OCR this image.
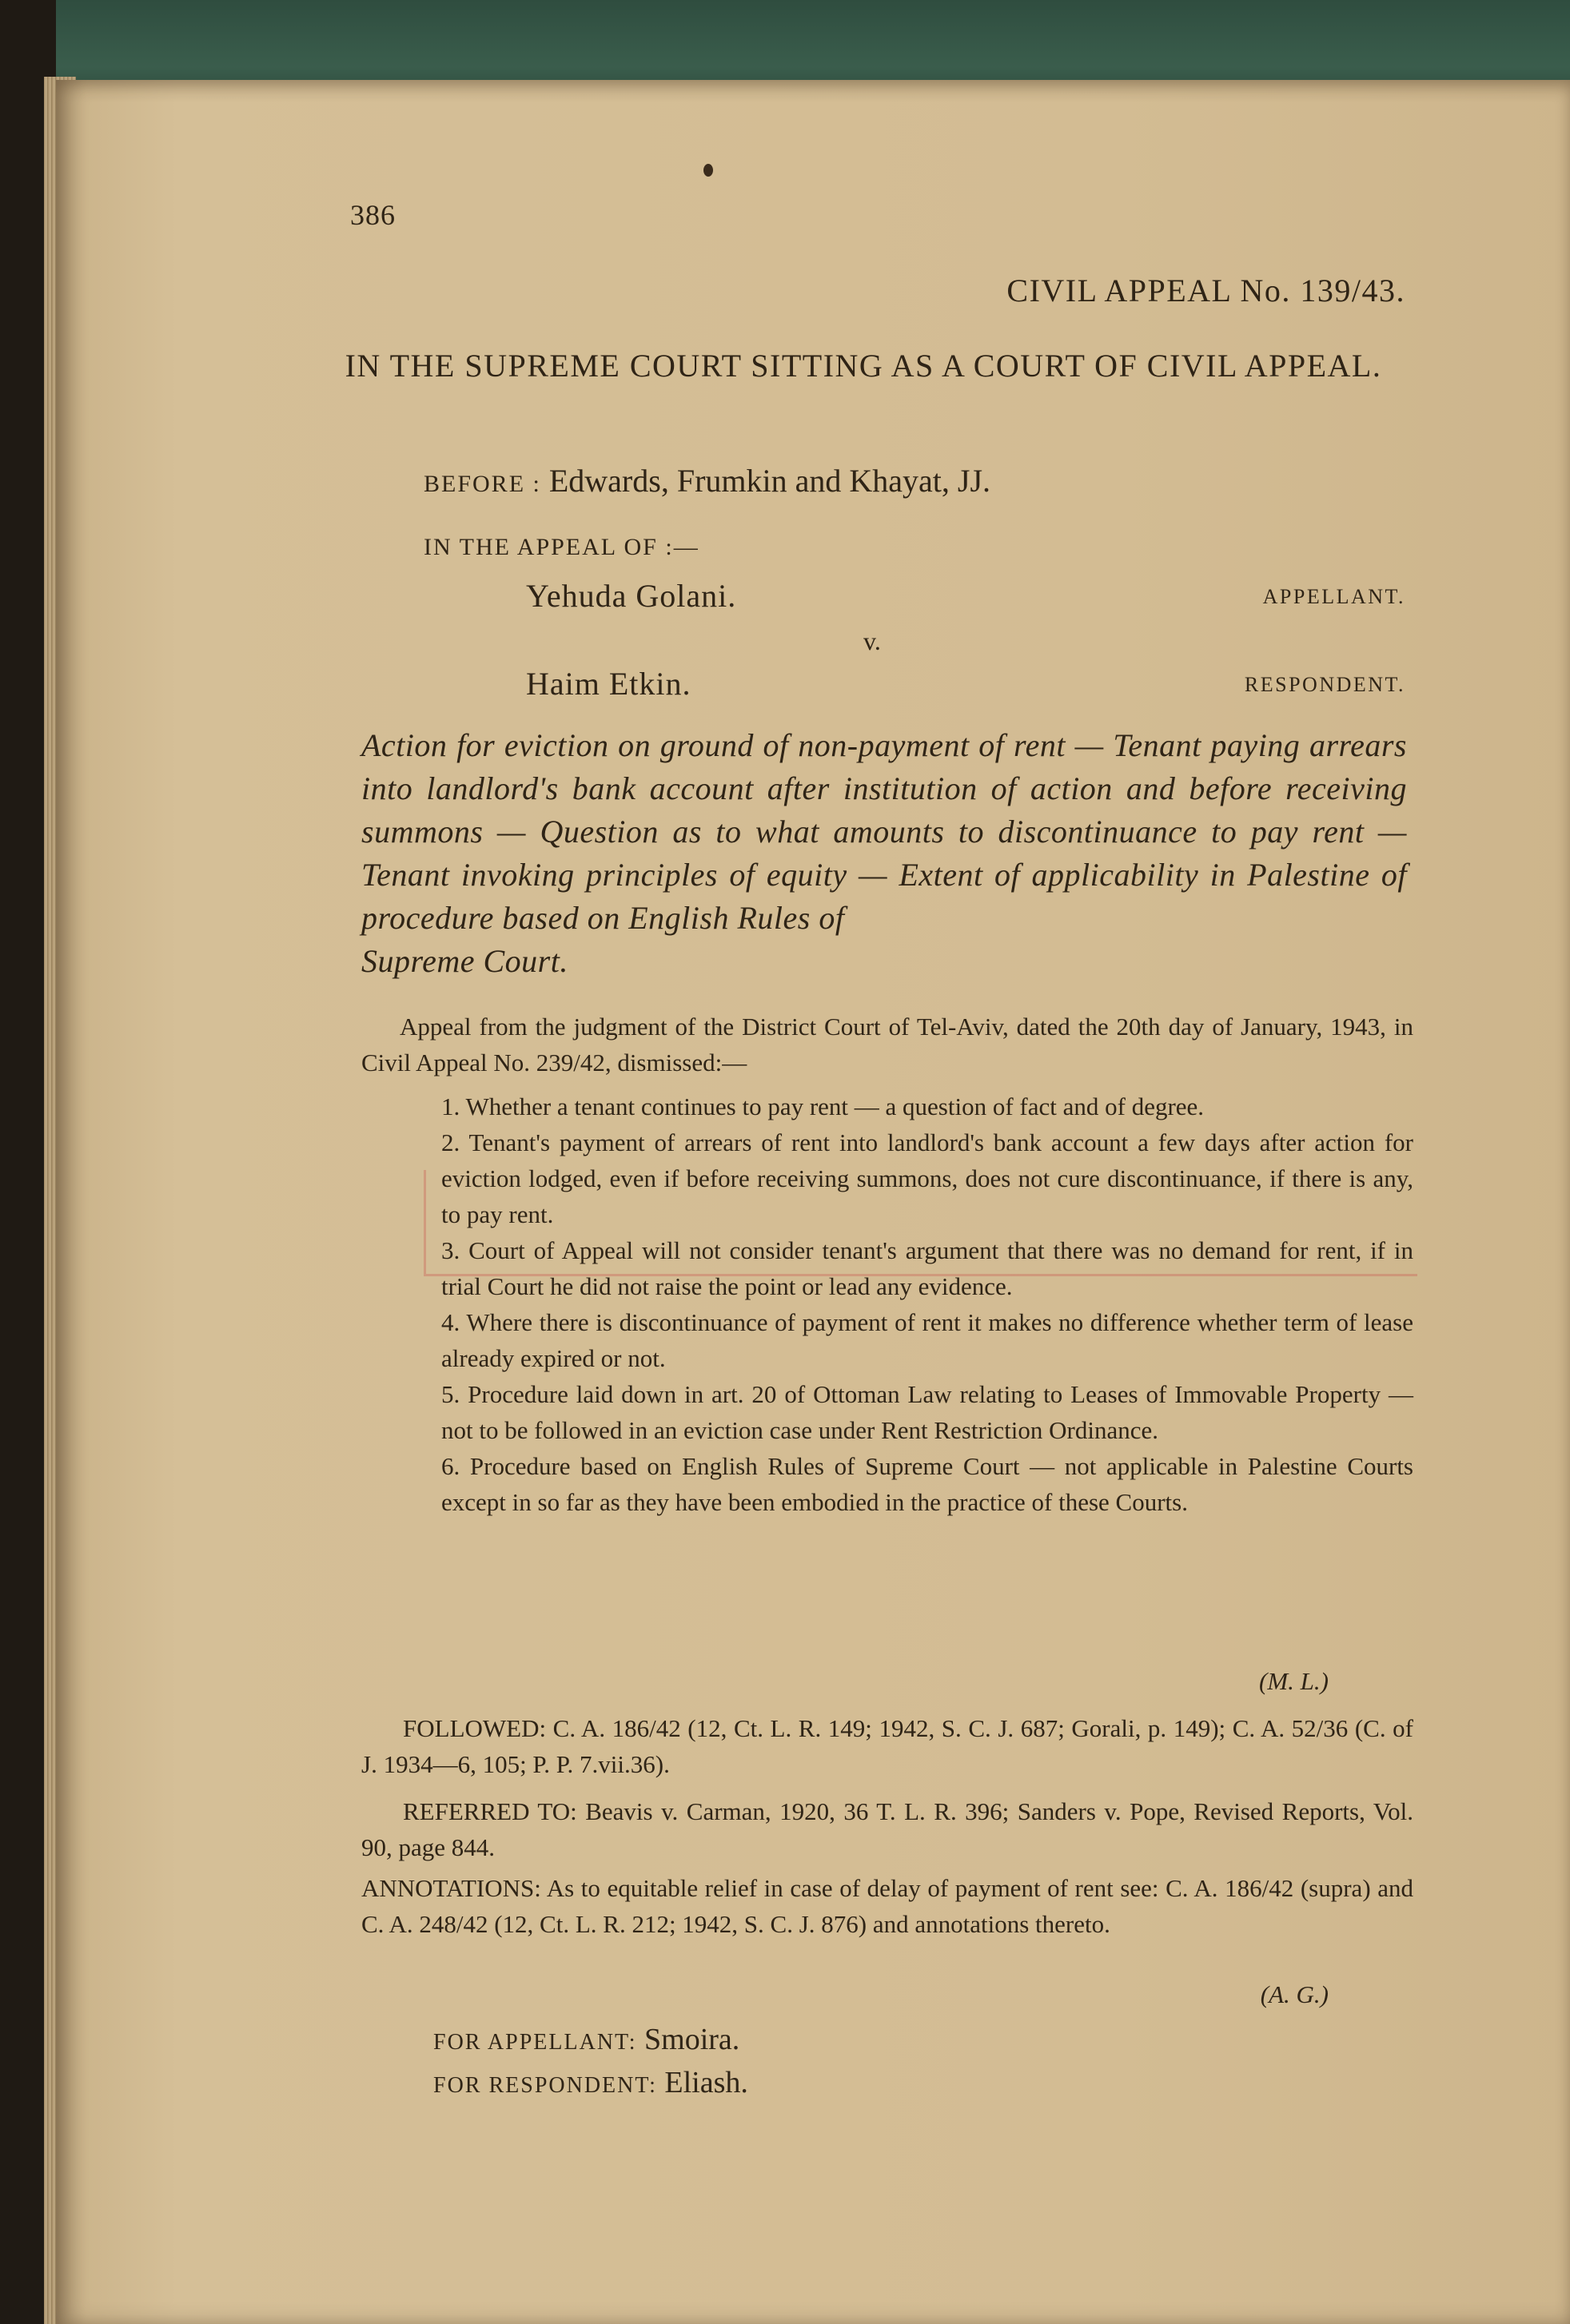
386
CIVIL APPEAL No. 139/43.
IN THE SUPREME COURT SITTING AS A COURT OF CIVIL APPEAL.
BEFORE : Edwards, Frumkin and Khayat, JJ.
IN THE APPEAL OF :—
Yehuda Golani.	APPELLANT.
v.
Haim Etkin.	RESPONDENT.
Action for eviction on ground of non-payment of rent — Tenant paying arrears into landlord's bank account after institution of action and before receiving summons — Question as to what amounts to discontinuance to pay rent — Tenant invoking principles of equity — Extent of applicability in Palestine of procedure based on English Rules of
Supreme Court.
Appeal from the judgment of the District Court of Tel-Aviv, dated the 20th day of January, 1943, in Civil Appeal No. 239/42, dismissed:—
1. Whether a tenant continues to pay rent — a question of fact and of degree.
2. Tenant's payment of arrears of rent into landlord's bank account a few days after action for eviction lodged, even if before receiving summons, does not cure discontinuance, if there is any, to pay rent.
3. Court of Appeal will not consider tenant's argument that there was no demand for rent, if in trial Court he did not raise the point or lead any evidence.
4. Where there is discontinuance of payment of rent it makes no difference whether term of lease already expired or not.
5. Procedure laid down in art. 20 of Ottoman Law relating to Leases of Immovable Property — not to be followed in an eviction case under Rent Restriction Ordinance.
6. Procedure based on English Rules of Supreme Court — not applicable in Palestine Courts except in so far as they have been embodied in the practice of these Courts.
(M. L.)
FOLLOWED: C. A. 186/42 (12, Ct. L. R. 149; 1942, S. C. J. 687; Gorali, p. 149); C. A. 52/36 (C. of J. 1934—6, 105; P. P. 7.vii.36).
REFERRED TO: Beavis v. Carman, 1920, 36 T. L. R. 396; Sanders v. Pope, Revised Reports, Vol. 90, page 844.
ANNOTATIONS: As to equitable relief in case of delay of payment of rent see: C. A. 186/42 (supra) and C. A. 248/42 (12, Ct. L. R. 212; 1942, S. C. J. 876) and annotations thereto.
(A. G.)
FOR APPELLANT: Smoira.
FOR RESPONDENT: Eliash.
